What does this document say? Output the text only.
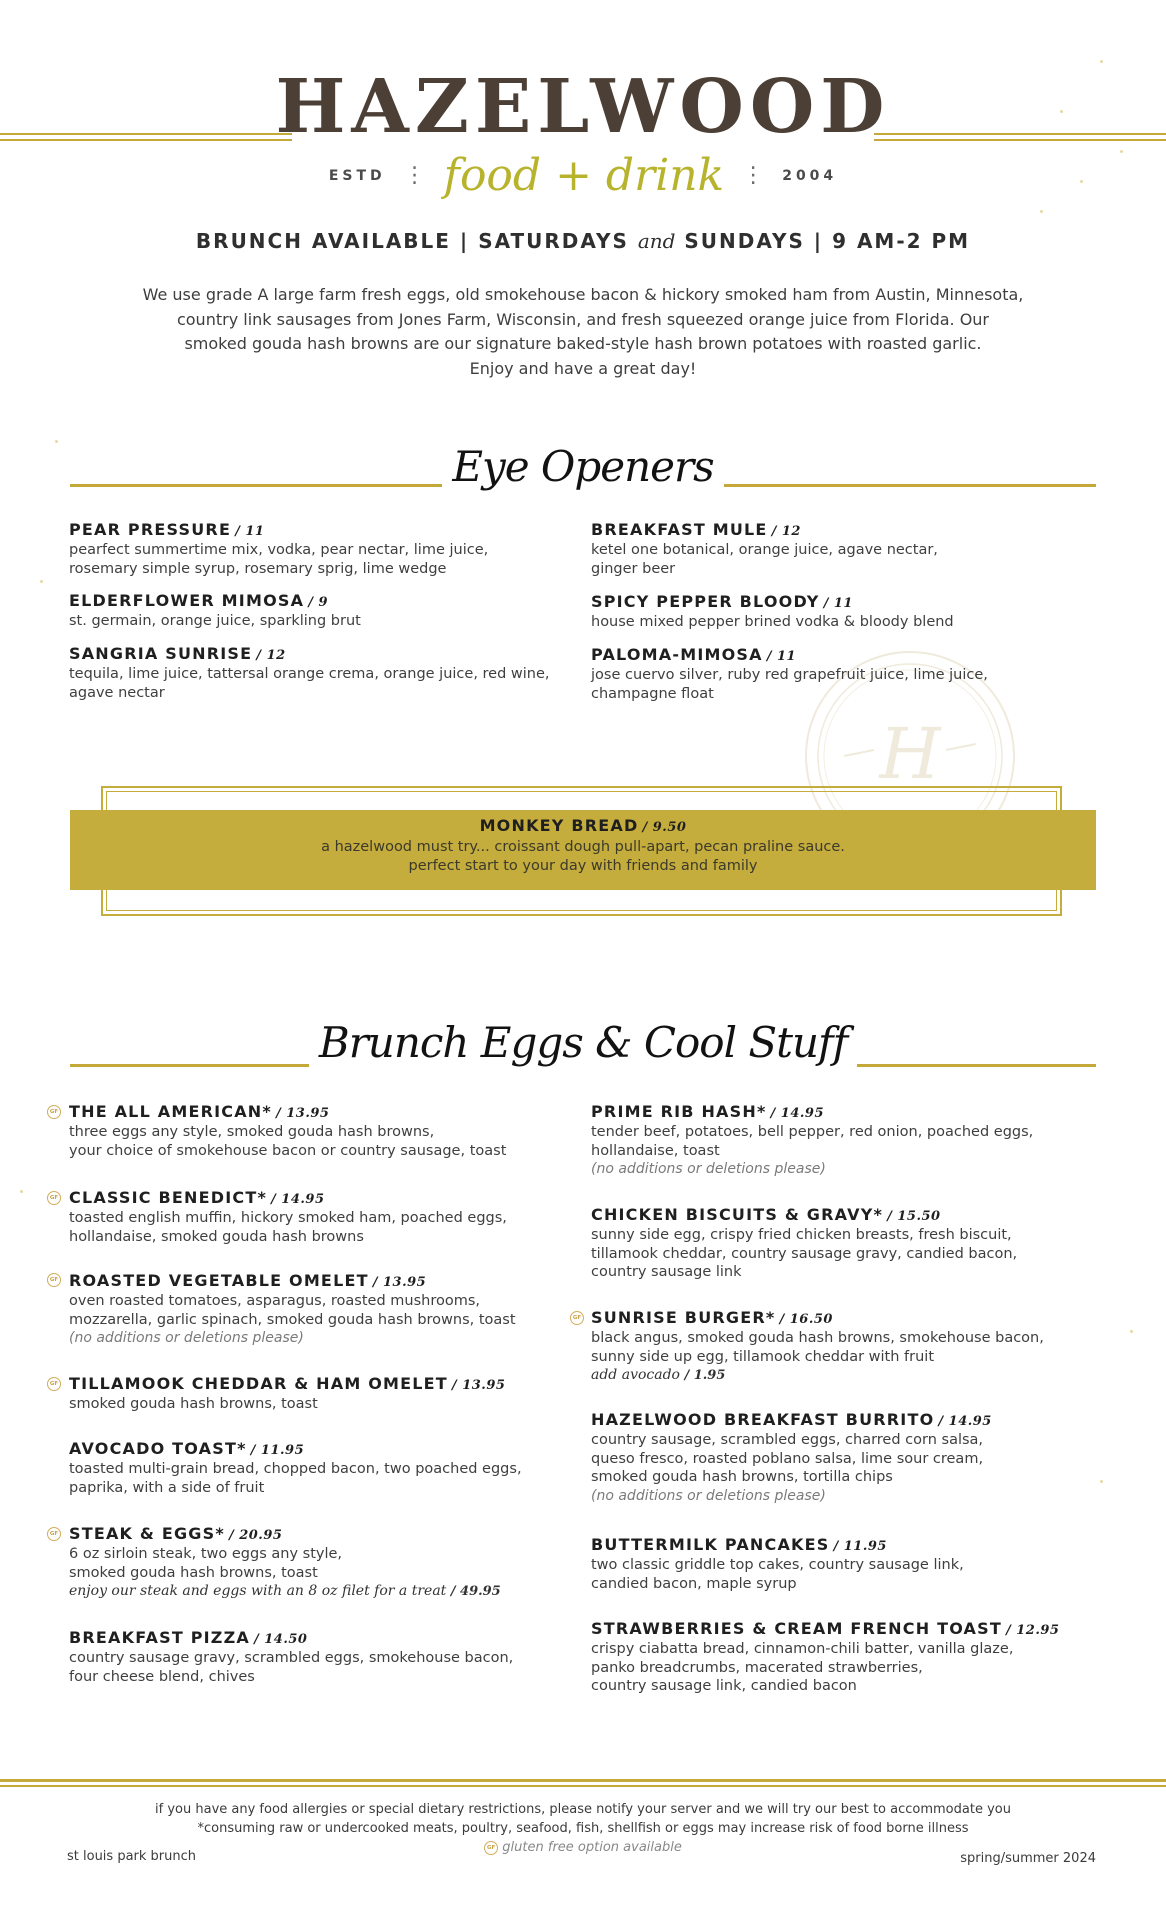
HAZELWOOD
ESTD ⋮ food + drink ⋮ 2004
BRUNCH AVAILABLE | SATURDAYS and SUNDAYS | 9 AM-2 PM
We use grade A large farm fresh eggs, old smokehouse bacon & hickory smoked ham from Austin, Minnesota,
country link sausages from Jones Farm, Wisconsin, and fresh squeezed orange juice from Florida. Our
smoked gouda hash browns are our signature baked-style hash brown potatoes with roasted garlic.
Enjoy and have a great day!
Eye Openers
H
PEAR PRESSURE / 11
pearfect summertime mix, vodka, pear nectar, lime juice,
rosemary simple syrup, rosemary sprig, lime wedge
ELDERFLOWER MIMOSA / 9
st. germain, orange juice, sparkling brut
SANGRIA SUNRISE / 12
tequila, lime juice, tattersal orange crema, orange juice, red wine,
agave nectar
BREAKFAST MULE / 12
ketel one botanical, orange juice, agave nectar,
ginger beer
SPICY PEPPER BLOODY / 11
house mixed pepper brined vodka & bloody blend
PALOMA-MIMOSA / 11
jose cuervo silver, ruby red grapefruit juice, lime juice,
champagne float
MONKEY BREAD / 9.50
a hazelwood must try... croissant dough pull-apart, pecan praline sauce.
perfect start to your day with friends and family
Brunch Eggs & Cool Stuff
GF THE ALL AMERICAN* / 13.95
three eggs any style, smoked gouda hash browns,
your choice of smokehouse bacon or country sausage, toast
GF CLASSIC BENEDICT* / 14.95
toasted english muffin, hickory smoked ham, poached eggs,
hollandaise, smoked gouda hash browns
GF ROASTED VEGETABLE OMELET / 13.95
oven roasted tomatoes, asparagus, roasted mushrooms,
mozzarella, garlic spinach, smoked gouda hash browns, toast
(no additions or deletions please)
GF TILLAMOOK CHEDDAR & HAM OMELET / 13.95
smoked gouda hash browns, toast
AVOCADO TOAST* / 11.95
toasted multi-grain bread, chopped bacon, two poached eggs,
paprika, with a side of fruit
GF STEAK & EGGS* / 20.95
6 oz sirloin steak, two eggs any style,
smoked gouda hash browns, toast
enjoy our steak and eggs with an 8 oz filet for a treat / 49.95
BREAKFAST PIZZA / 14.50
country sausage gravy, scrambled eggs, smokehouse bacon,
four cheese blend, chives
PRIME RIB HASH* / 14.95
tender beef, potatoes, bell pepper, red onion, poached eggs,
hollandaise, toast
(no additions or deletions please)
CHICKEN BISCUITS & GRAVY* / 15.50
sunny side egg, crispy fried chicken breasts, fresh biscuit,
tillamook cheddar, country sausage gravy, candied bacon,
country sausage link
GF SUNRISE BURGER* / 16.50
black angus, smoked gouda hash browns, smokehouse bacon,
sunny side up egg, tillamook cheddar with fruit
add avocado / 1.95
HAZELWOOD BREAKFAST BURRITO / 14.95
country sausage, scrambled eggs, charred corn salsa,
queso fresco, roasted poblano salsa, lime sour cream,
smoked gouda hash browns, tortilla chips
(no additions or deletions please)
BUTTERMILK PANCAKES / 11.95
two classic griddle top cakes, country sausage link,
candied bacon, maple syrup
STRAWBERRIES & CREAM FRENCH TOAST / 12.95
crispy ciabatta bread, cinnamon-chili batter, vanilla glaze,
panko breadcrumbs, macerated strawberries,
country sausage link, candied bacon
if you have any food allergies or special dietary restrictions, please notify your server and we will try our best to accommodate you
*consuming raw or undercooked meats, poultry, seafood, fish, shellfish or eggs may increase risk of food borne illness
st louis park brunch
GF gluten free option available
spring/summer 2024
